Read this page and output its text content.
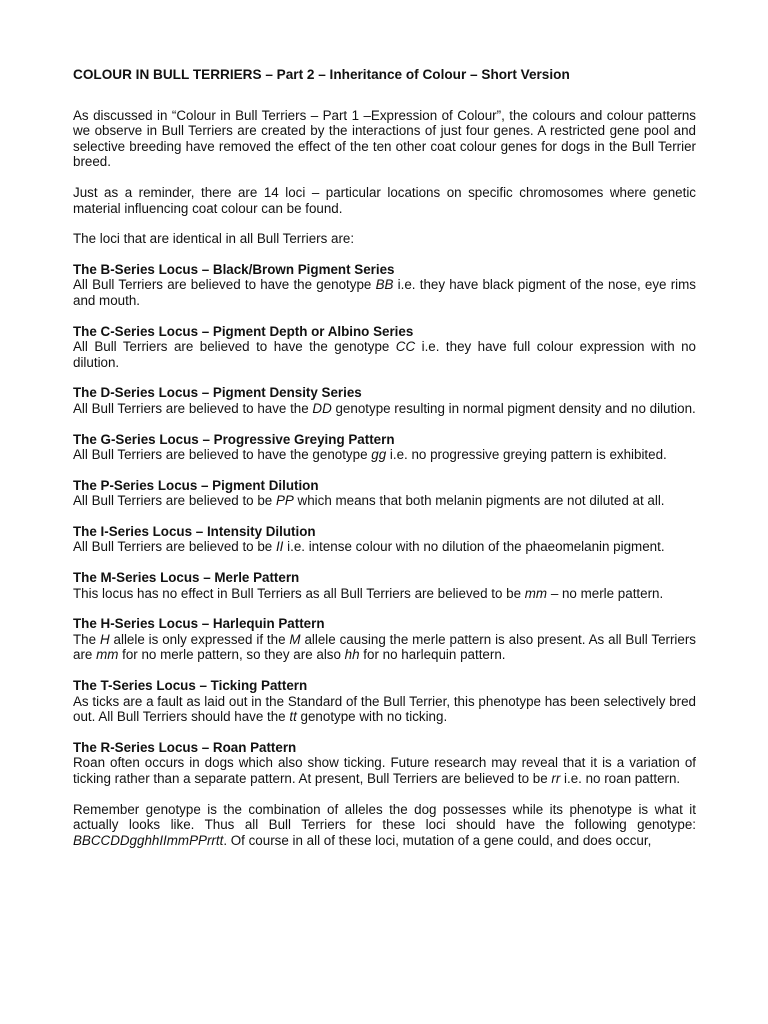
COLOUR IN BULL TERRIERS – Part 2 – Inheritance of Colour – Short Version

As discussed in “Colour in Bull Terriers – Part 1 –Expression of Colour”, the colours and colour patterns we observe in Bull Terriers are created by the interactions of just four genes. A restricted gene pool and selective breeding have removed the effect of the ten other coat colour genes for dogs in the Bull Terrier breed.

Just as a reminder, there are 14 loci – particular locations on specific chromosomes where genetic material influencing coat colour can be found.

The loci that are identical in all Bull Terriers are:

The B-Series Locus – Black/Brown Pigment Series
All Bull Terriers are believed to have the genotype BB i.e. they have black pigment of the nose, eye rims and mouth.
The C-Series Locus – Pigment Depth or Albino Series
All Bull Terriers are believed to have the genotype CC i.e. they have full colour expression with no dilution.
The D-Series Locus – Pigment Density Series
All Bull Terriers are believed to have the DD genotype resulting in normal pigment density and no dilution.
The G-Series Locus – Progressive Greying Pattern
All Bull Terriers are believed to have the genotype gg i.e. no progressive greying pattern is exhibited.
The P-Series Locus – Pigment Dilution
All Bull Terriers are believed to be PP which means that both melanin pigments are not diluted at all.
The I-Series Locus – Intensity Dilution
All Bull Terriers are believed to be II i.e. intense colour with no dilution of the phaeomelanin pigment.
The M-Series Locus – Merle Pattern
This locus has no effect in Bull Terriers as all Bull Terriers are believed to be mm – no merle pattern.
The H-Series Locus – Harlequin Pattern
The H allele is only expressed if the M allele causing the merle pattern is also present. As all Bull Terriers are mm for no merle pattern, so they are also hh for no harlequin pattern.
The T-Series Locus – Ticking Pattern
As ticks are a fault as laid out in the Standard of the Bull Terrier, this phenotype has been selectively bred out. All Bull Terriers should have the tt genotype with no ticking.
The R-Series Locus – Roan Pattern
Roan often occurs in dogs which also show ticking. Future research may reveal that it is a variation of ticking rather than a separate pattern. At present, Bull Terriers are believed to be rr i.e. no roan pattern.

Remember genotype is the combination of alleles the dog possesses while its phenotype is what it actually looks like. Thus all Bull Terriers for these loci should have the following genotype: BBCCDDgghhIImmPPrrtt. Of course in all of these loci, mutation of a gene could, and does occur,
